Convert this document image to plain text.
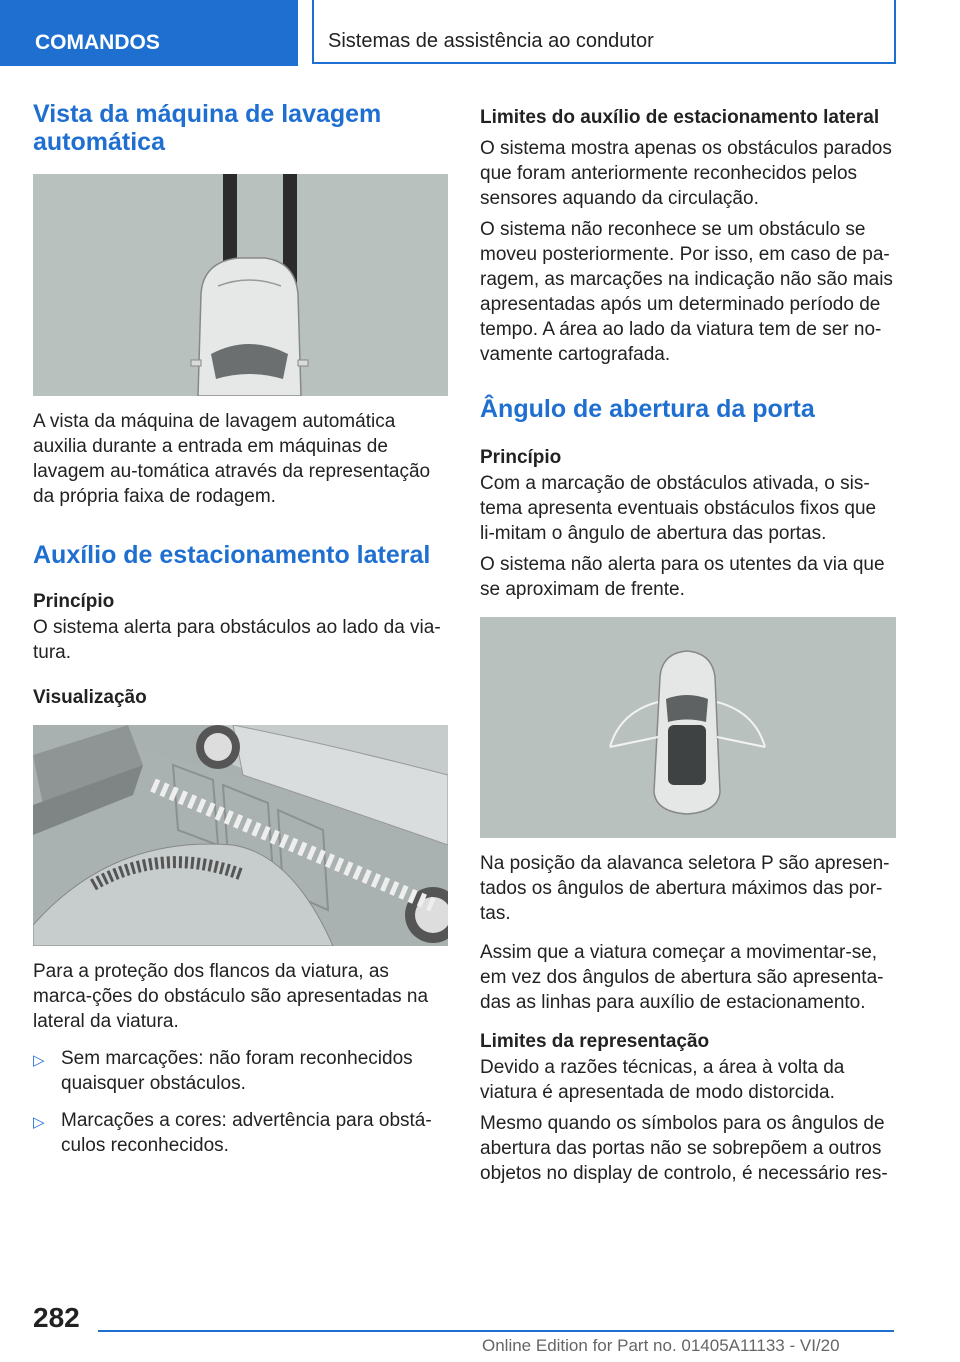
COMANDOS	Sistemas de assistência ao condutor
Vista da máquina de lavagem automática

A vista da máquina de lavagem automática auxilia durante a entrada em máquinas de lavagem au-tomática através da representação da própria faixa de rodagem.

Auxílio de estacionamento lateral
Princípio

O sistema alerta para obstáculos ao lado da via-tura.

Visualização

Para a proteção dos flancos da viatura, as marca-ções do obstáculo são apresentadas na lateral da viatura.

▷ Sem marcações: não foram reconhecidos quaisquer obstáculos.
▷ Marcações a cores: advertência para obstá-culos reconhecidos.
Limites do auxílio de estacionamento lateral

O sistema mostra apenas os obstáculos parados que foram anteriormente reconhecidos pelos sensores aquando da circulação.

O sistema não reconhece se um obstáculo se moveu posteriormente. Por isso, em caso de pa-ragem, as marcações na indicação não são mais apresentadas após um determinado período de tempo. A área ao lado da viatura tem de ser no-vamente cartografada.

Ângulo de abertura da porta
Princípio

Com a marcação de obstáculos ativada, o sis-tema apresenta eventuais obstáculos fixos que li-mitam o ângulo de abertura das portas.

O sistema não alerta para os utentes da via que se aproximam de frente.

Na posição da alavanca seletora P são apresen-tados os ângulos de abertura máximos das por-tas.

Assim que a viatura começar a movimentar-se, em vez dos ângulos de abertura são apresenta-das as linhas para auxílio de estacionamento.

Limites da representação

Devido a razões técnicas, a área à volta da viatura é apresentada de modo distorcida.

Mesmo quando os símbolos para os ângulos de abertura das portas não se sobrepõem a outros objetos no display de controlo, é necessário res-

282
Online Edition for Part no. 01405A11133 - VI/20
